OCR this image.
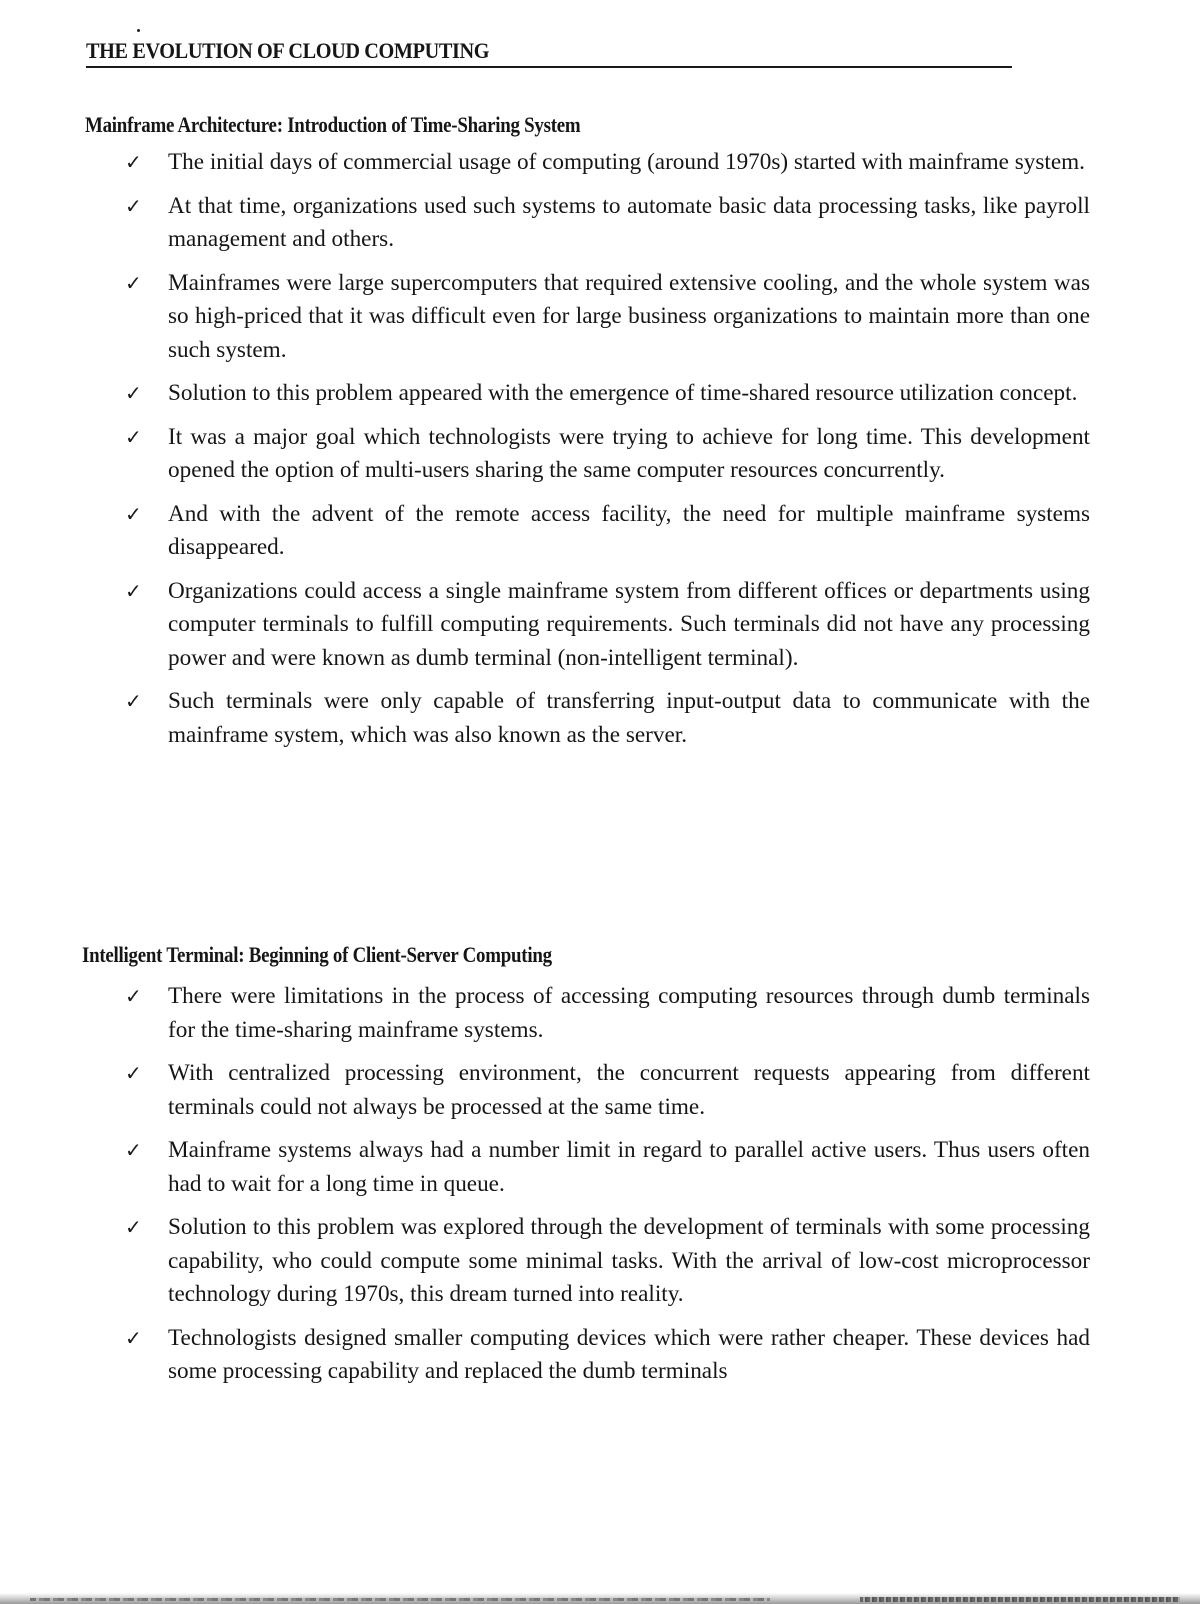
THE EVOLUTION OF CLOUD COMPUTING
Mainframe Architecture: Introduction of Time-Sharing System
✓ The initial days of commercial usage of computing (around 1970s) started with mainframe system.
✓ At that time, organizations used such systems to automate basic data processing tasks, like payroll management and others.
✓ Mainframes were large supercomputers that required extensive cooling, and the whole system was so high-priced that it was difficult even for large business organizations to maintain more than one such system.
✓ Solution to this problem appeared with the emergence of time-shared resource utilization concept.
✓ It was a major goal which technologists were trying to achieve for long time. This development opened the option of multi-users sharing the same computer resources concurrently.
✓ And with the advent of the remote access facility, the need for multiple mainframe systems disappeared.
✓ Organizations could access a single mainframe system from different offices or departments using computer terminals to fulfill computing requirements. Such terminals did not have any processing power and were known as dumb terminal (non-intelligent terminal).
✓ Such terminals were only capable of transferring input-output data to communicate with the mainframe system, which was also known as the server.
Intelligent Terminal: Beginning of Client-Server Computing
✓ There were limitations in the process of accessing computing resources through dumb terminals for the time-sharing mainframe systems.
✓ With centralized processing environment, the concurrent requests appearing from different terminals could not always be processed at the same time.
✓ Mainframe systems always had a number limit in regard to parallel active users. Thus users often had to wait for a long time in queue.
✓ Solution to this problem was explored through the development of terminals with some processing capability, who could compute some minimal tasks. With the arrival of low-cost microprocessor technology during 1970s, this dream turned into reality.
✓ Technologists designed smaller computing devices which were rather cheaper. These devices had some processing capability and replaced the dumb terminals
